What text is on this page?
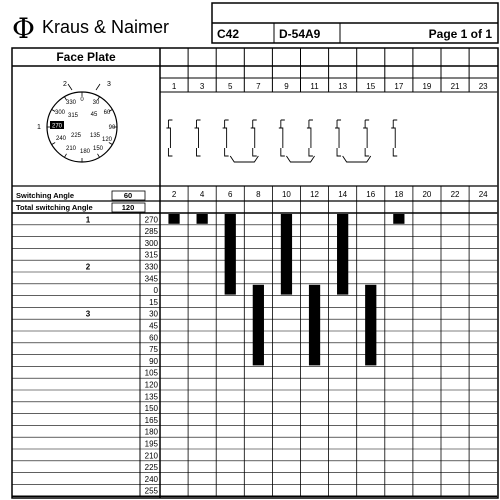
Φ Kraus & Naimer	C42	D-54A9	Page 1 of 1
Face Plate
2	3
1
0 30
60
90
120
150
180
210
240
300
330
315 45
135
225
270
Switching Angle	60
Total switching Angle	120
1	3	5	7	9	11 13 15 17 19 21 23
2	4	6	8	10 12 14 16 18 20 22 24
1	270
285
300
315
2	330
345
0
15
3	30
45
60
75
90
105
120
135
150
165
180
195
210
225
240
255
